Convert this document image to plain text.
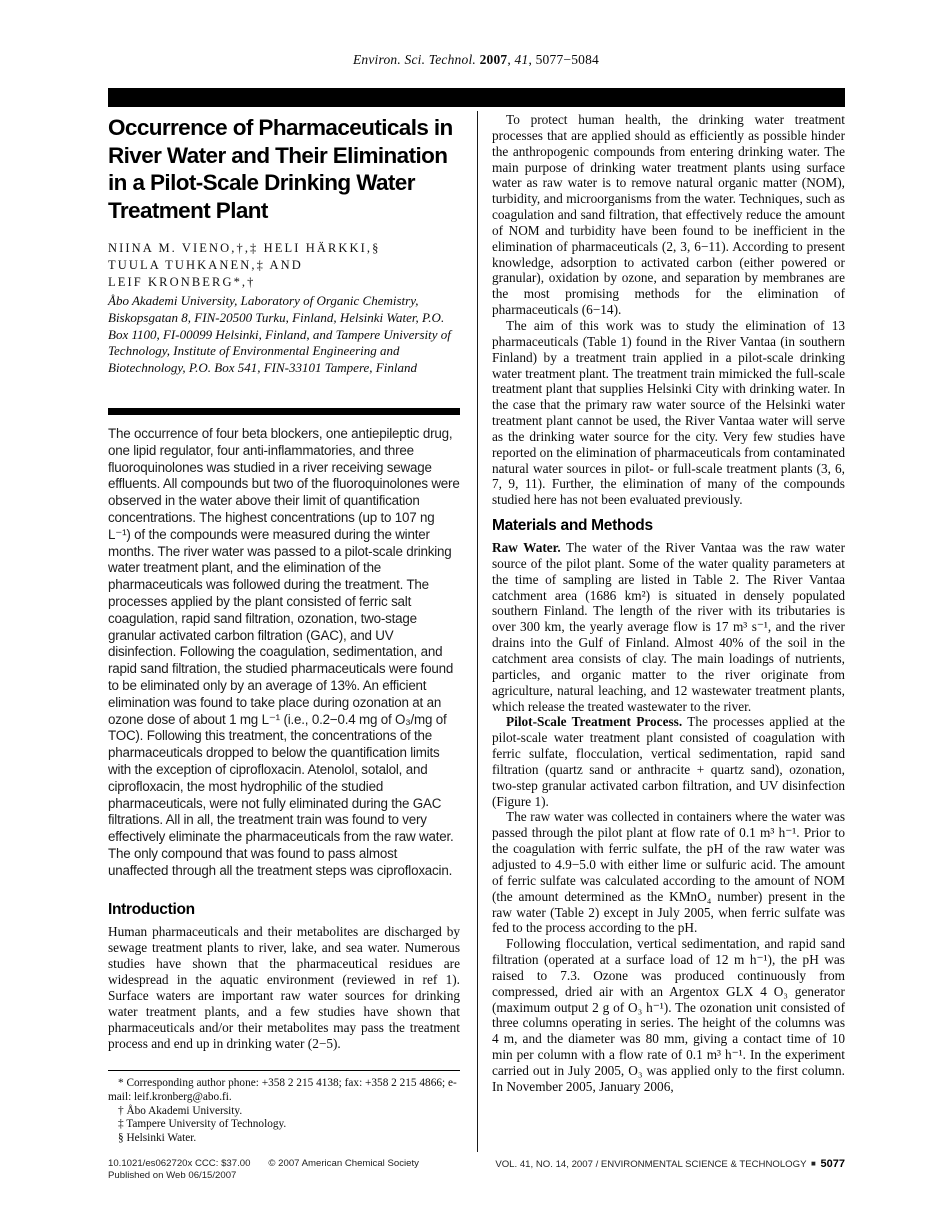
Environ. Sci. Technol. 2007, 41, 5077−5084
Occurrence of Pharmaceuticals in River Water and Their Elimination in a Pilot-Scale Drinking Water Treatment Plant
NIINA M. VIENO,†,‡ HELI HÄRKKI,§
TUULA TUHKANEN,‡ AND
LEIF KRONBERG*,†
Åbo Akademi University, Laboratory of Organic Chemistry, Biskopsgatan 8, FIN-20500 Turku, Finland, Helsinki Water, P.O. Box 1100, FI-00099 Helsinki, Finland, and Tampere University of Technology, Institute of Environmental Engineering and Biotechnology, P.O. Box 541, FIN-33101 Tampere, Finland
The occurrence of four beta blockers, one antiepileptic drug, one lipid regulator, four anti-inflammatories, and three fluoroquinolones was studied in a river receiving sewage effluents. All compounds but two of the fluoroquinolones were observed in the water above their limit of quantification concentrations. The highest concentrations (up to 107 ng L⁻¹) of the compounds were measured during the winter months. The river water was passed to a pilot-scale drinking water treatment plant, and the elimination of the pharmaceuticals was followed during the treatment. The processes applied by the plant consisted of ferric salt coagulation, rapid sand filtration, ozonation, two-stage granular activated carbon filtration (GAC), and UV disinfection. Following the coagulation, sedimentation, and rapid sand filtration, the studied pharmaceuticals were found to be eliminated only by an average of 13%. An efficient elimination was found to take place during ozonation at an ozone dose of about 1 mg L⁻¹ (i.e., 0.2−0.4 mg of O₃/mg of TOC). Following this treatment, the concentrations of the pharmaceuticals dropped to below the quantification limits with the exception of ciprofloxacin. Atenolol, sotalol, and ciprofloxacin, the most hydrophilic of the studied pharmaceuticals, were not fully eliminated during the GAC filtrations. All in all, the treatment train was found to very effectively eliminate the pharmaceuticals from the raw water. The only compound that was found to pass almost unaffected through all the treatment steps was ciprofloxacin.
Introduction

Human pharmaceuticals and their metabolites are discharged by sewage treatment plants to river, lake, and sea water. Numerous studies have shown that the pharmaceutical residues are widespread in the aquatic environment (reviewed in ref 1). Surface waters are important raw water sources for drinking water treatment plants, and a few studies have shown that pharmaceuticals and/or their metabolites may pass the treatment process and end up in drinking water (2−5).

* Corresponding author phone: +358 2 215 4138; fax: +358 2 215 4866; e-mail: leif.kronberg@abo.fi.

† Åbo Akademi University.

‡ Tampere University of Technology.

§ Helsinki Water.

10.1021/es062720x CCC: $37.00 © 2007 American Chemical Society
Published on Web 06/15/2007

To protect human health, the drinking water treatment processes that are applied should as efficiently as possible hinder the anthropogenic compounds from entering drinking water. The main purpose of drinking water treatment plants using surface water as raw water is to remove natural organic matter (NOM), turbidity, and microorganisms from the water. Techniques, such as coagulation and sand filtration, that effectively reduce the amount of NOM and turbidity have been found to be inefficient in the elimination of pharmaceuticals (2, 3, 6−11). According to present knowledge, adsorption to activated carbon (either powered or granular), oxidation by ozone, and separation by membranes are the most promising methods for the elimination of pharmaceuticals (6−14).

The aim of this work was to study the elimination of 13 pharmaceuticals (Table 1) found in the River Vantaa (in southern Finland) by a treatment train applied in a pilot-scale drinking water treatment plant. The treatment train mimicked the full-scale treatment plant that supplies Helsinki City with drinking water. In the case that the primary raw water source of the Helsinki water treatment plant cannot be used, the River Vantaa water will serve as the drinking water source for the city. Very few studies have reported on the elimination of pharmaceuticals from contaminated natural water sources in pilot- or full-scale treatment plants (3, 6, 7, 9, 11). Further, the elimination of many of the compounds studied here has not been evaluated previously.

Materials and Methods

Raw Water. The water of the River Vantaa was the raw water source of the pilot plant. Some of the water quality parameters at the time of sampling are listed in Table 2. The River Vantaa catchment area (1686 km²) is situated in densely populated southern Finland. The length of the river with its tributaries is over 300 km, the yearly average flow is 17 m³ s⁻¹, and the river drains into the Gulf of Finland. Almost 40% of the soil in the catchment area consists of clay. The main loadings of nutrients, particles, and organic matter to the river originate from agriculture, natural leaching, and 12 wastewater treatment plants, which release the treated wastewater to the river.

Pilot-Scale Treatment Process. The processes applied at the pilot-scale water treatment plant consisted of coagulation with ferric sulfate, flocculation, vertical sedimentation, rapid sand filtration (quartz sand or anthracite + quartz sand), ozonation, two-step granular activated carbon filtration, and UV disinfection (Figure 1).

The raw water was collected in containers where the water was passed through the pilot plant at flow rate of 0.1 m³ h⁻¹. Prior to the coagulation with ferric sulfate, the pH of the raw water was adjusted to 4.9−5.0 with either lime or sulfuric acid. The amount of ferric sulfate was calculated according to the amount of NOM (the amount determined as the KMnO₄ number) present in the raw water (Table 2) except in July 2005, when ferric sulfate was fed to the process according to the pH.

Following flocculation, vertical sedimentation, and rapid sand filtration (operated at a surface load of 12 m h⁻¹), the pH was raised to 7.3. Ozone was produced continuously from compressed, dried air with an Argentox GLX 4 O₃ generator (maximum output 2 g of O₃ h⁻¹). The ozonation unit consisted of three columns operating in series. The height of the columns was 4 m, and the diameter was 80 mm, giving a contact time of 10 min per column with a flow rate of 0.1 m³ h⁻¹. In the experiment carried out in July 2005, O₃ was applied only to the first column. In November 2005, January 2006,

VOL. 41, NO. 14, 2007 / ENVIRONMENTAL SCIENCE & TECHNOLOGY ■ 5077
